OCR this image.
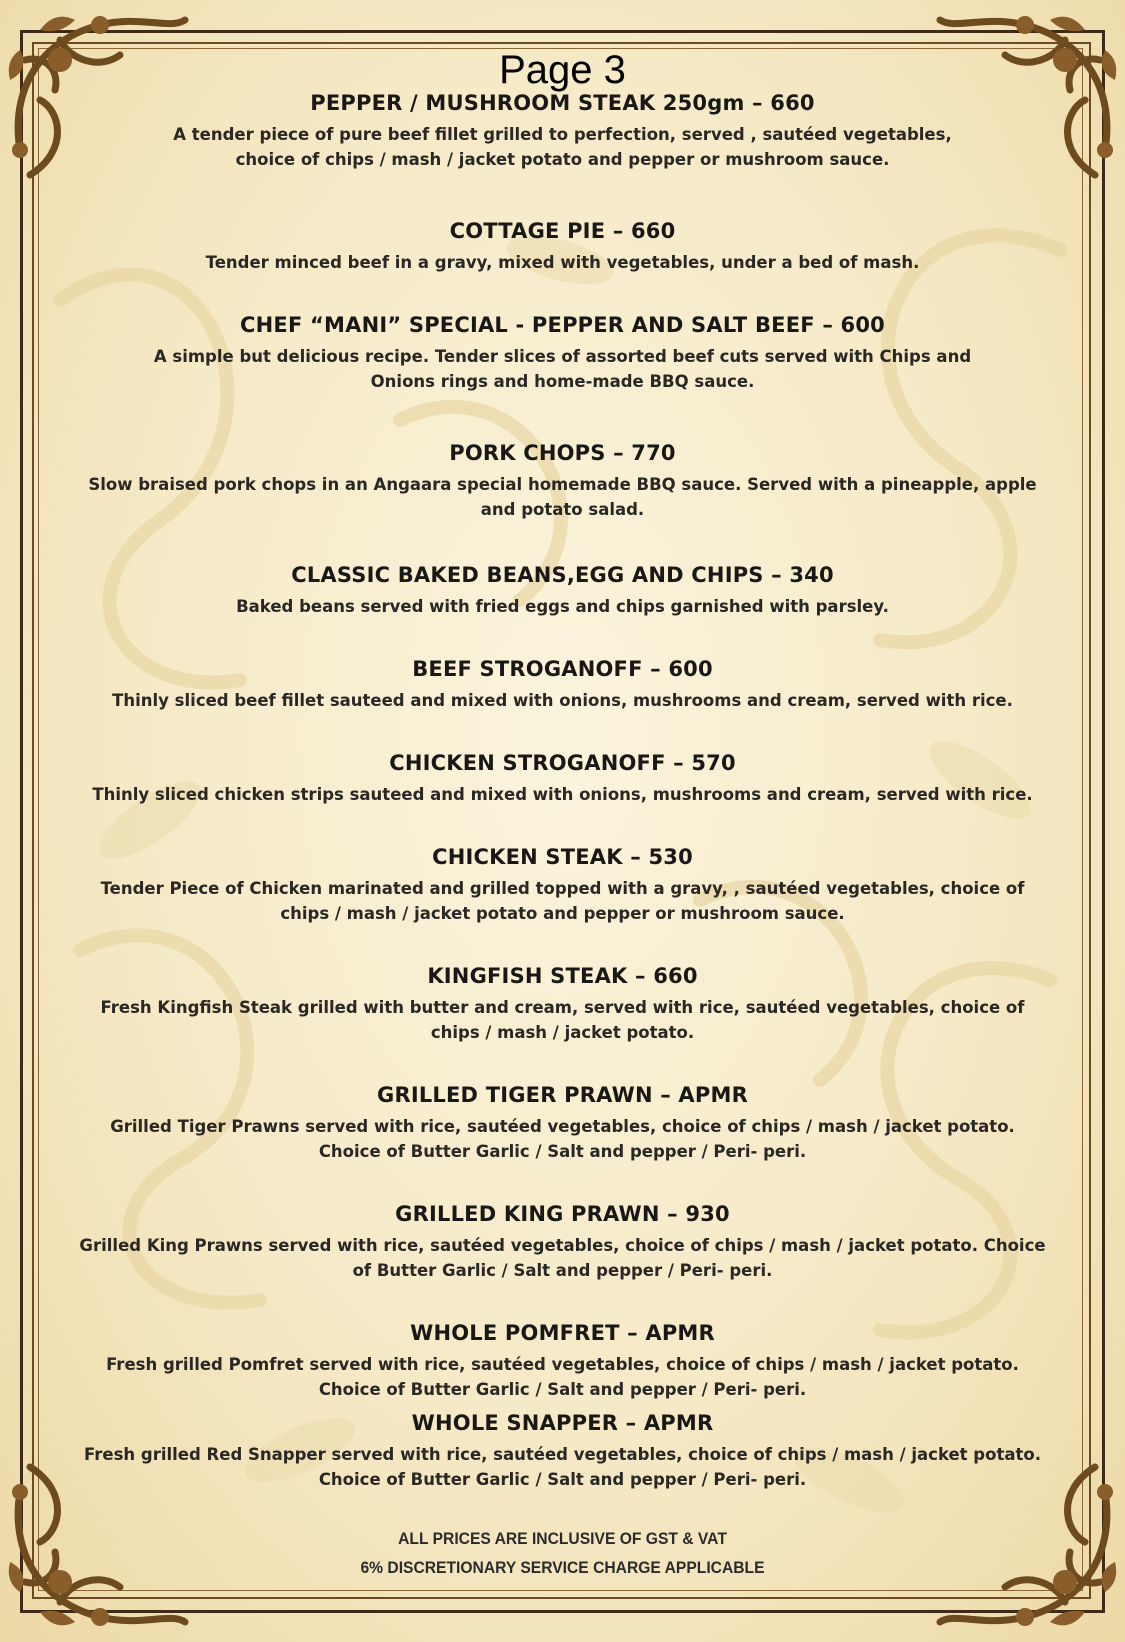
Page 3
PEPPER / MUSHROOM STEAK 250gm – 660

A tender piece of pure beef fillet grilled to perfection, served , sautéed vegetables, choice of chips / mash / jacket potato and pepper or mushroom sauce.

COTTAGE PIE – 660

Tender minced beef in a gravy, mixed with vegetables, under a bed of mash.

CHEF “MANI” SPECIAL - PEPPER AND SALT BEEF – 600

A simple but delicious recipe. Tender slices of assorted beef cuts served with Chips and Onions rings and home-made BBQ sauce.

PORK CHOPS – 770

Slow braised pork chops in an Angaara special homemade BBQ sauce. Served with a pineapple, apple and potato salad.

CLASSIC BAKED BEANS,EGG AND CHIPS – 340

Baked beans served with fried eggs and chips garnished with parsley.

BEEF STROGANOFF – 600

Thinly sliced beef fillet sauteed and mixed with onions, mushrooms and cream, served with rice.

CHICKEN STROGANOFF – 570

Thinly sliced chicken strips sauteed and mixed with onions, mushrooms and cream, served with rice.

CHICKEN STEAK – 530

Tender Piece of Chicken marinated and grilled topped with a gravy, , sautéed vegetables, choice of chips / mash / jacket potato and pepper or mushroom sauce.

KINGFISH STEAK – 660

Fresh Kingfish Steak grilled with butter and cream, served with rice, sautéed vegetables, choice of chips / mash / jacket potato.

GRILLED TIGER PRAWN – APMR

Grilled Tiger Prawns served with rice, sautéed vegetables, choice of chips / mash / jacket potato. Choice of Butter Garlic / Salt and pepper / Peri- peri.

GRILLED KING PRAWN – 930

Grilled King Prawns served with rice, sautéed vegetables, choice of chips / mash / jacket potato. Choice of Butter Garlic / Salt and pepper / Peri- peri.

WHOLE POMFRET – APMR

Fresh grilled Pomfret served with rice, sautéed vegetables, choice of chips / mash / jacket potato. Choice of Butter Garlic / Salt and pepper / Peri- peri.

WHOLE SNAPPER – APMR

Fresh grilled Red Snapper served with rice, sautéed vegetables, choice of chips / mash / jacket potato. Choice of Butter Garlic / Salt and pepper / Peri- peri.

ALL PRICES ARE INCLUSIVE OF GST & VAT
6% DISCRETIONARY SERVICE CHARGE APPLICABLE
